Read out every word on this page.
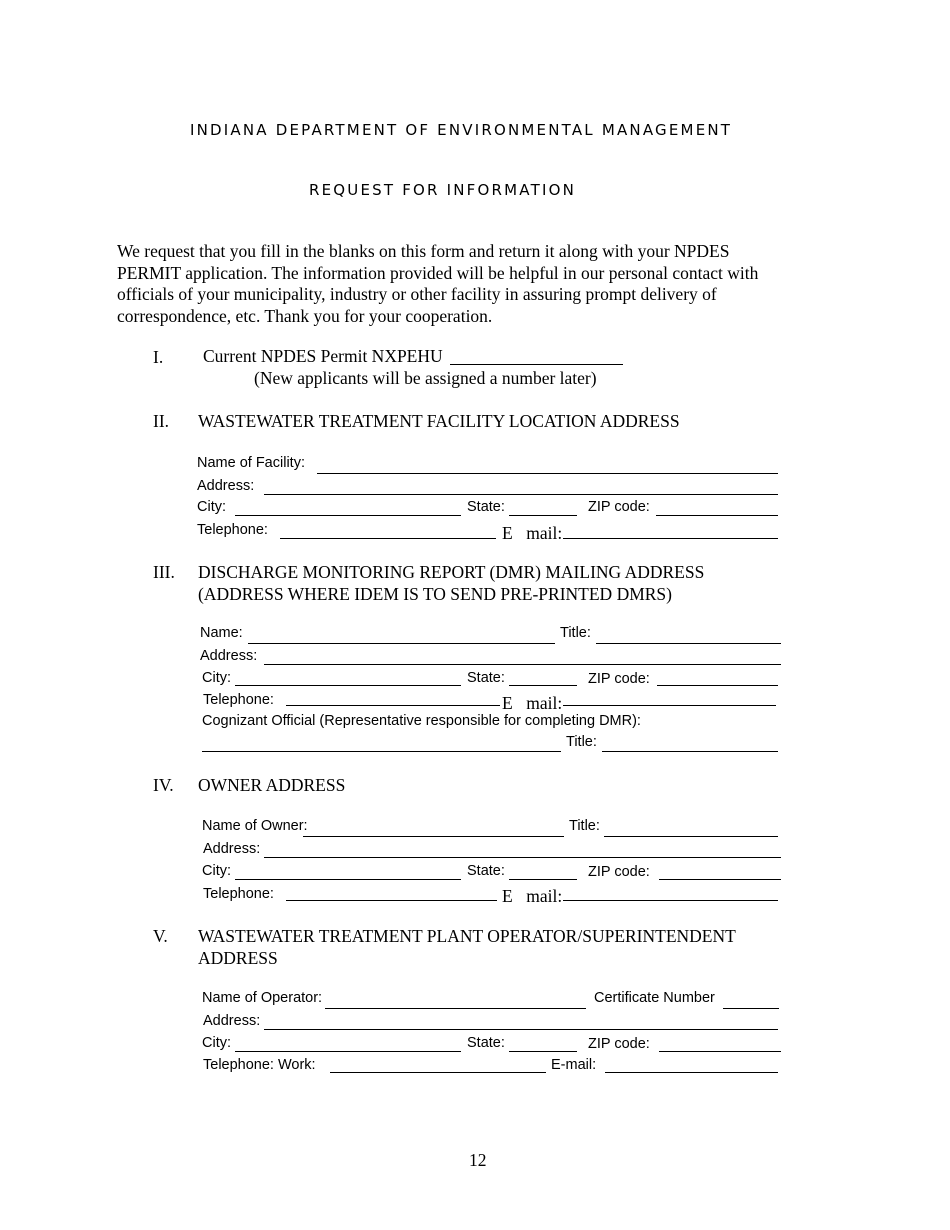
INDIANA DEPARTMENT OF ENVIRONMENTAL MANAGEMENT
REQUEST FOR INFORMATION
We request that you fill in the blanks on this form and return it along with your NPDES
PERMIT application. The information provided will be helpful in our personal contact with
officials of your municipality, industry or other facility in assuring prompt delivery of
correspondence, etc. Thank you for your cooperation.
I. Current NPDES Permit NXPEHU
(New applicants will be assigned a number later)
II. WASTEWATER TREATMENT FACILITY LOCATION ADDRESS
Name of Facility:
Address:
City:	State:	ZIP code:
Telephone:	E mail:
III. DISCHARGE MONITORING REPORT (DMR) MAILING ADDRESS
(ADDRESS WHERE IDEM IS TO SEND PRE-PRINTED DMRS)
Name:	Title:
Address:
City:	State:	ZIP code:
Telephone:	E mail:
Cognizant Official (Representative responsible for completing DMR):
Title:
IV. OWNER ADDRESS
Name of Owner:	Title:
Address:
City:	State:	ZIP code:
Telephone:	E mail:
V. WASTEWATER TREATMENT PLANT OPERATOR/SUPERINTENDENT
ADDRESS
Name of Operator:	Certificate Number
Address:
City:	State:	ZIP code:
Telephone: Work:	E-mail:
12
